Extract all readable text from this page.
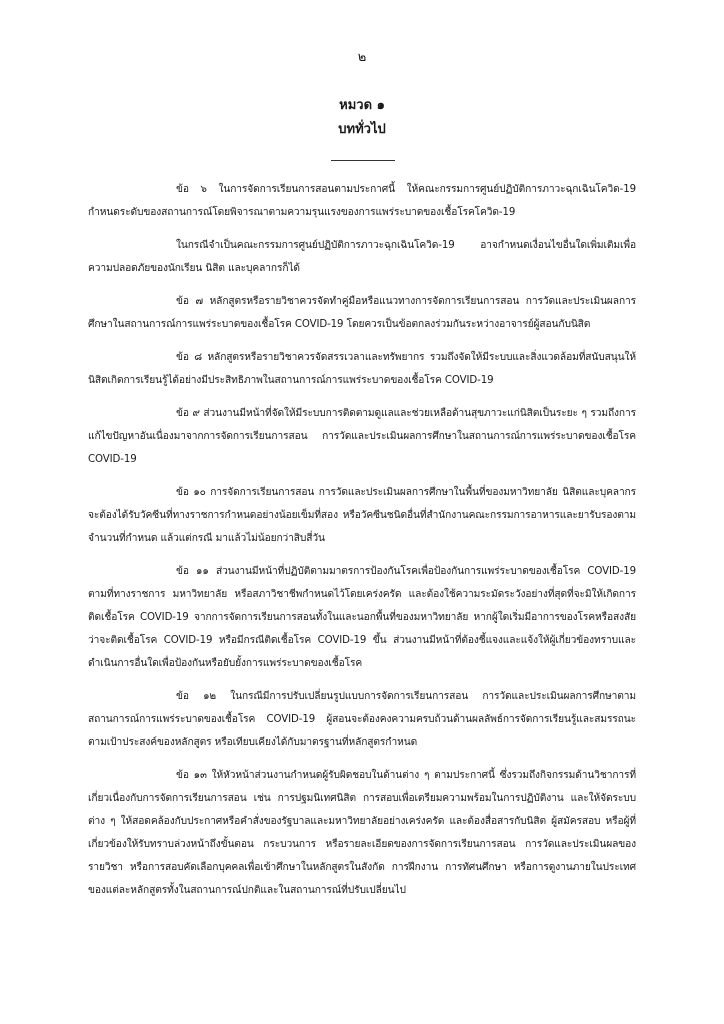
๒
หมวด ๑
บททั่วไป

ข้อ ๖ ในการจัดการเรียนการสอนตามประกาศนี้ ให้คณะกรรมการศูนย์ปฏิบัติการภาวะฉุกเฉินโควิด-19 กำหนดระดับของสถานการณ์โดยพิจารณาตามความรุนแรงของการแพร่ระบาดของเชื้อโรคโควิด-19

ในกรณีจำเป็นคณะกรรมการศูนย์ปฏิบัติการภาวะฉุกเฉินโควิด-19 อาจกำหนดเงื่อนไขอื่นใดเพิ่มเติมเพื่อความปลอดภัยของนักเรียน นิสิต และบุคลากรก็ได้

ข้อ ๗ หลักสูตรหรือรายวิชาควรจัดทำคู่มือหรือแนวทางการจัดการเรียนการสอน การวัดและประเมินผลการศึกษาในสถานการณ์การแพร่ระบาดของเชื้อโรค COVID-19 โดยควรเป็นข้อตกลงร่วมกันระหว่างอาจารย์ผู้สอนกับนิสิต

ข้อ ๘ หลักสูตรหรือรายวิชาควรจัดสรรเวลาและทรัพยากร รวมถึงจัดให้มีระบบและสิ่งแวดล้อมที่สนับสนุนให้นิสิตเกิดการเรียนรู้ได้อย่างมีประสิทธิภาพในสถานการณ์การแพร่ระบาดของเชื้อโรค COVID-19

ข้อ ๙ ส่วนงานมีหน้าที่จัดให้มีระบบการติดตามดูแลและช่วยเหลือด้านสุขภาวะแก่นิสิตเป็นระยะ ๆ รวมถึงการแก้ไขปัญหาอันเนื่องมาจากการจัดการเรียนการสอน การวัดและประเมินผลการศึกษาในสถานการณ์การแพร่ระบาดของเชื้อโรค COVID-19

ข้อ ๑๐ การจัดการเรียนการสอน การวัดและประเมินผลการศึกษาในพื้นที่ของมหาวิทยาลัย นิสิตและบุคลากรจะต้องได้รับวัคซีนที่ทางราชการกำหนดอย่างน้อยเข็มที่สอง หรือวัคซีนชนิดอื่นที่สำนักงานคณะกรรมการอาหารและยารับรองตามจำนวนที่กำหนด แล้วแต่กรณี มาแล้วไม่น้อยกว่าสิบสี่วัน

ข้อ ๑๑ ส่วนงานมีหน้าที่ปฏิบัติตามมาตรการป้องกันโรคเพื่อป้องกันการแพร่ระบาดของเชื้อโรค COVID-19 ตามที่ทางราชการ มหาวิทยาลัย หรือสภาวิชาชีพกำหนดไว้โดยเคร่งครัด และต้องใช้ความระมัดระวังอย่างที่สุดที่จะมิให้เกิดการติดเชื้อโรค COVID-19 จากการจัดการเรียนการสอนทั้งในและนอกพื้นที่ของมหาวิทยาลัย หากผู้ใดเริ่มมีอาการของโรคหรือสงสัยว่าจะติดเชื้อโรค COVID-19 หรือมีกรณีติดเชื้อโรค COVID-19 ขึ้น ส่วนงานมีหน้าที่ต้องชี้แจงและแจ้งให้ผู้เกี่ยวข้องทราบและดำเนินการอื่นใดเพื่อป้องกันหรือยับยั้งการแพร่ระบาดของเชื้อโรค

ข้อ ๑๒ ในกรณีมีการปรับเปลี่ยนรูปแบบการจัดการเรียนการสอน การวัดและประเมินผลการศึกษาตามสถานการณ์การแพร่ระบาดของเชื้อโรค COVID-19 ผู้สอนจะต้องคงความครบถ้วนด้านผลลัพธ์การจัดการเรียนรู้และสมรรถนะตามเป้าประสงค์ของหลักสูตร หรือเทียบเคียงได้กับมาตรฐานที่หลักสูตรกำหนด

ข้อ ๑๓ ให้หัวหน้าส่วนงานกำหนดผู้รับผิดชอบในด้านต่าง ๆ ตามประกาศนี้ ซึ่งรวมถึงกิจกรรมด้านวิชาการที่เกี่ยวเนื่องกับการจัดการเรียนการสอน เช่น การปฐมนิเทศนิสิต การสอบเพื่อเตรียมความพร้อมในการปฏิบัติงาน และให้จัดระบบต่าง ๆ ให้สอดคล้องกับประกาศหรือคำสั่งของรัฐบาลและมหาวิทยาลัยอย่างเคร่งครัด และต้องสื่อสารกับนิสิต ผู้สมัครสอบ หรือผู้ที่เกี่ยวข้องให้รับทราบล่วงหน้าถึงขั้นตอน กระบวนการ หรือรายละเอียดของการจัดการเรียนการสอน การวัดและประเมินผลของรายวิชา หรือการสอบคัดเลือกบุคคลเพื่อเข้าศึกษาในหลักสูตรในสังกัด การฝึกงาน การทัศนศึกษา หรือการดูงานภายในประเทศของแต่ละหลักสูตรทั้งในสถานการณ์ปกติและในสถานการณ์ที่ปรับเปลี่ยนไป
